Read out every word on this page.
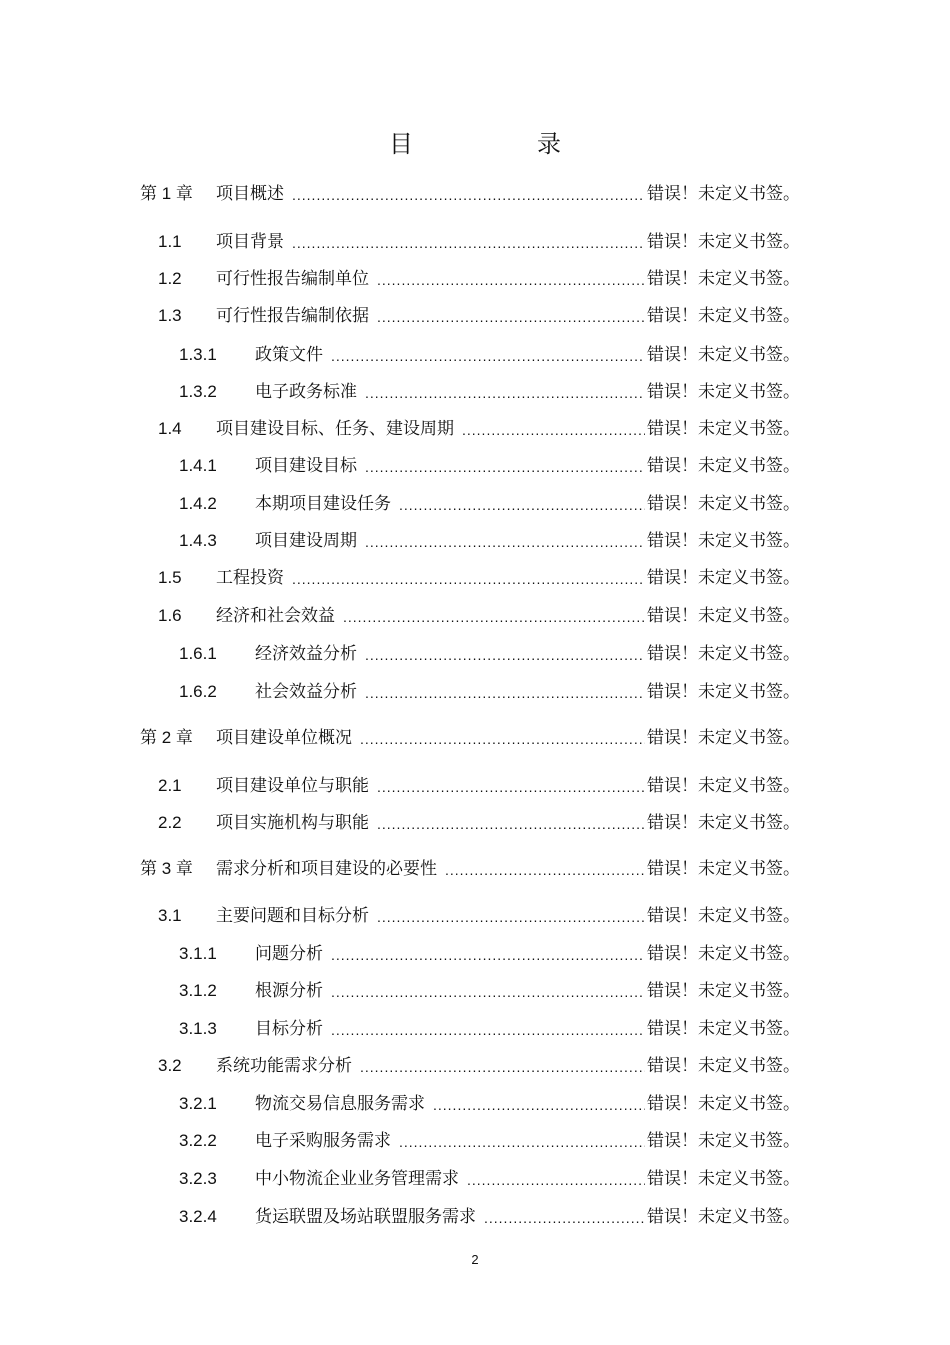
目　录
第 1 章	项目概述 .....	错误！未定义书签。
1.1	项目背景 .....	错误！未定义书签。
1.2	可行性报告编制单位 .....	错误！未定义书签。
1.3	可行性报告编制依据 .....	错误！未定义书签。
1.3.1	政策文件 .....	错误！未定义书签。
1.3.2	电子政务标准 .....	错误！未定义书签。
1.4	项目建设目标、任务、建设周期 .....	错误！未定义书签。
1.4.1	项目建设目标 .....	错误！未定义书签。
1.4.2	本期项目建设任务 .....	错误！未定义书签。
1.4.3	项目建设周期 .....	错误！未定义书签。
1.5	工程投资 .....	错误！未定义书签。
1.6	经济和社会效益 .....	错误！未定义书签。
1.6.1	经济效益分析 .....	错误！未定义书签。
1.6.2	社会效益分析 .....	错误！未定义书签。
第 2 章	项目建设单位概况 .....	错误！未定义书签。
2.1	项目建设单位与职能 .....	错误！未定义书签。
2.2	项目实施机构与职能 .....	错误！未定义书签。
第 3 章	需求分析和项目建设的必要性 .....	错误！未定义书签。
3.1	主要问题和目标分析 .....	错误！未定义书签。
3.1.1	问题分析 .....	错误！未定义书签。
3.1.2	根源分析 .....	错误！未定义书签。
3.1.3	目标分析 .....	错误！未定义书签。
3.2	系统功能需求分析 .....	错误！未定义书签。
3.2.1	物流交易信息服务需求 .....	错误！未定义书签。
3.2.2	电子采购服务需求 .....	错误！未定义书签。
3.2.3	中小物流企业业务管理需求 .....	错误！未定义书签。
3.2.4	货运联盟及场站联盟服务需求 .....	错误！未定义书签。
2
